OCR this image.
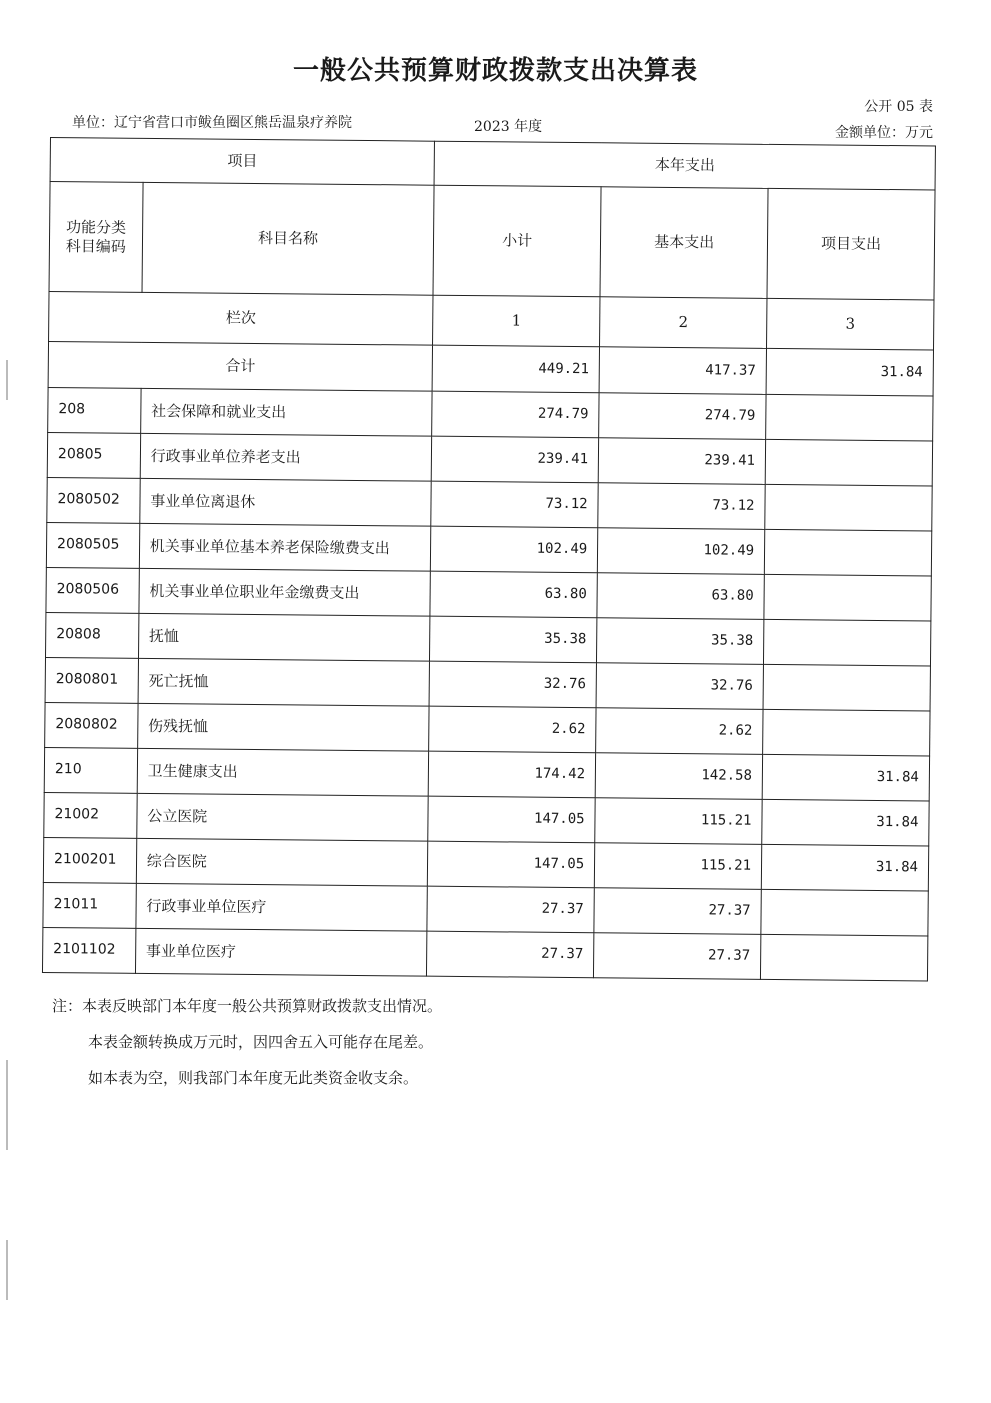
一般公共预算财政拨款支出决算表
单位：辽宁省营口市鲅鱼圈区熊岳温泉疗养院	2023 年度
公开 05 表
金额单位：万元
项目		本年支出		
功能分类
科目编码	科目名称	小计	基本支出	项目支出
栏次		1	2	3
合计		449.21	417.37	31.84
208	社会保障和就业支出	274.79	274.79	
20805	行政事业单位养老支出	239.41	239.41	
2080502	事业单位离退休	73.12	73.12	
2080505	机关事业单位基本养老保险缴费支出	102.49	102.49	
2080506	机关事业单位职业年金缴费支出	63.80	63.80	
20808	抚恤	35.38	35.38	
2080801	死亡抚恤	32.76	32.76	
2080802	伤残抚恤	2.62	2.62	
210	卫生健康支出	174.42	142.58	31.84
21002	公立医院	147.05	115.21	31.84
2100201	综合医院	147.05	115.21	31.84
21011	行政事业单位医疗	27.37	27.37	
2101102	事业单位医疗	27.37	27.37	
注：本表反映部门本年度一般公共预算财政拨款支出情况。
本表金额转换成万元时，因四舍五入可能存在尾差。
如本表为空，则我部门本年度无此类资金收支余。
